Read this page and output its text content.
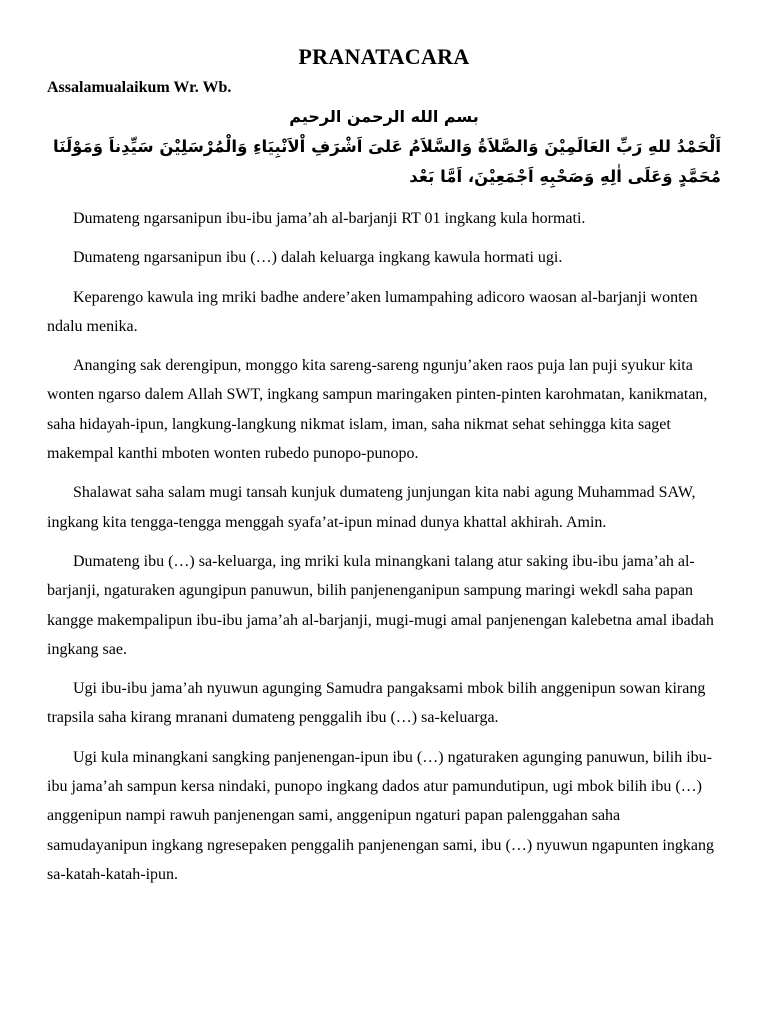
PRANATACARA
Assalamualaikum Wr. Wb.
بسم الله الرحمن الرحيم
اَلْحَمْدُ للهِ رَبِّ العَالَمِيْنَ وَالصَّلاَةُ وَالسَّلاَمُ عَلىَ اَشْرَفِ اْلاَنْبِيَاءِ وَالْمُرْسَلِيْنَ سَيِّدِناَ وَمَوْلَنَا مُحَمَّدٍ وَعَلَى اٰلِهِ وَصَحْبِهِ اَجْمَعِيْنَ، اَمَّا بَعْد

Dumateng ngarsanipun ibu-ibu jama’ah al-barjanji RT 01 ingkang kula hormati.

Dumateng ngarsanipun ibu (…) dalah keluarga ingkang kawula hormati ugi.

Keparengo kawula ing mriki badhe andere’aken lumampahing adicoro waosan al-barjanji wonten ndalu menika.

Ananging sak derengipun, monggo kita sareng-sareng ngunju’aken raos puja lan puji syukur kita wonten ngarso dalem Allah SWT, ingkang sampun maringaken pinten-pinten karohmatan, kanikmatan, saha hidayah-ipun, langkung-langkung nikmat islam, iman, saha nikmat sehat sehingga kita saget makempal kanthi mboten wonten rubedo punopo-punopo.

Shalawat saha salam mugi tansah kunjuk dumateng junjungan kita nabi agung Muhammad SAW, ingkang kita tengga-tengga menggah syafa’at-ipun minad dunya khattal akhirah. Amin.

Dumateng ibu (…) sa-keluarga, ing mriki kula minangkani talang atur saking ibu-ibu jama’ah al-barjanji, ngaturaken agungipun panuwun, bilih panjenenganipun sampung maringi wekdl saha papan kangge makempalipun ibu-ibu jama’ah al-barjanji, mugi-mugi amal panjenengan kalebetna amal ibadah ingkang sae.

Ugi ibu-ibu jama’ah nyuwun agunging Samudra pangaksami mbok bilih anggenipun sowan kirang trapsila saha kirang mranani dumateng penggalih ibu (…) sa-keluarga.

Ugi kula minangkani sangking panjenengan-ipun ibu (…) ngaturaken agunging panuwun, bilih ibu-ibu jama’ah sampun kersa nindaki, punopo ingkang dados atur pamundutipun, ugi mbok bilih ibu (…) anggenipun nampi rawuh panjenengan sami, anggenipun ngaturi papan palenggahan saha samudayanipun ingkang ngresepaken penggalih panjenengan sami, ibu (…) nyuwun ngapunten ingkang sa-katah-katah-ipun.
